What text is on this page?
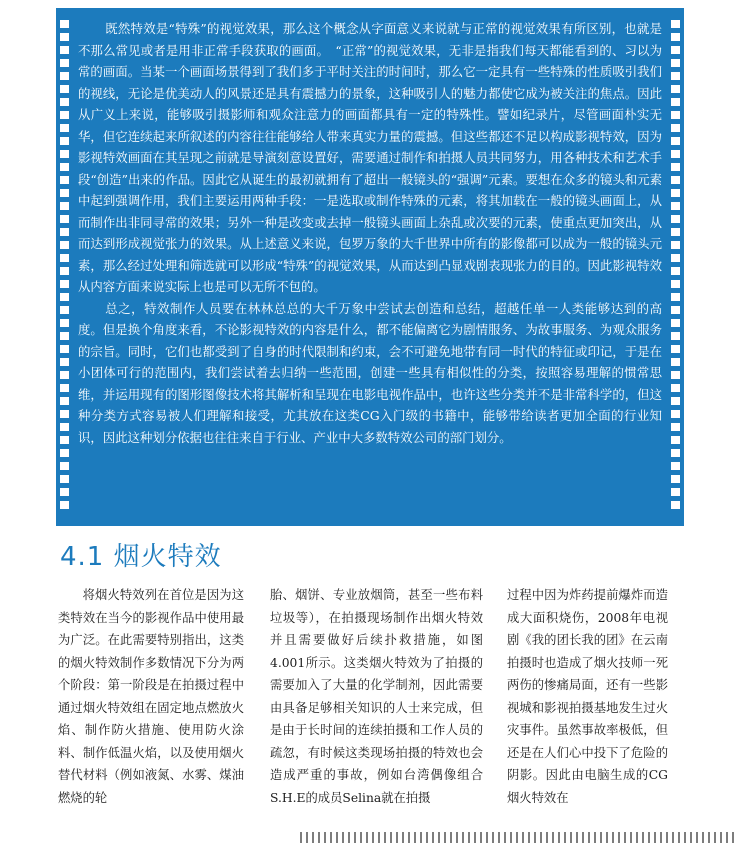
既然特效是“特殊”的视觉效果，那么这个概念从字面意义来说就与正常的视觉效果有所区别，也就是不那么常见或者是用非正常手段获取的画面。　“正常”的视觉效果，无非是指我们每天都能看到的、习以为常的画面。当某一个画面场景得到了我们多于平时关注的时间时，那么它一定具有一些特殊的性质吸引我们的视线，无论是优美动人的风景还是具有震撼力的景象，这种吸引人的魅力都使它成为被关注的焦点。因此从广义上来说，能够吸引摄影师和观众注意力的画面都具有一定的特殊性。譬如纪录片，尽管画面朴实无华，但它连续起来所叙述的内容往往能够给人带来真实力量的震撼。但这些都还不足以构成影视特效，因为影视特效画面在其呈现之前就是导演刻意设置好，需要通过制作和拍摄人员共同努力，用各种技术和艺术手段“创造”出来的作品。因此它从诞生的最初就拥有了超出一般镜头的“强调”元素。要想在众多的镜头和元素中起到强调作用，我们主要运用两种手段：一是选取或制作特殊的元素，将其加载在一般的镜头画面上，从而制作出非同寻常的效果；另外一种是改变或去掉一般镜头画面上杂乱或次要的元素，使重点更加突出，从而达到形成视觉张力的效果。从上述意义来说，包罗万象的大千世界中所有的影像都可以成为一般的镜头元素，那么经过处理和筛选就可以形成“特殊”的视觉效果，从而达到凸显戏剧表现张力的目的。因此影视特效从内容方面来说实际上也是可以无所不包的。

总之，特效制作人员要在林林总总的大千万象中尝试去创造和总结，超越任单一人类能够达到的高度。但是换个角度来看，不论影视特效的内容是什么，都不能偏离它为剧情服务、为故事服务、为观众服务的宗旨。同时，它们也都受到了自身的时代限制和约束，会不可避免地带有同一时代的特征或印记，于是在小团体可行的范围内，我们尝试着去归纳一些范围，创建一些具有相似性的分类，按照容易理解的惯常思维，并运用现有的图形图像技术将其解析和呈现在电影电视作品中，也许这些分类并不是非常科学的，但这种分类方式容易被人们理解和接受，尤其放在这类CG入门级的书籍中，能够带给读者更加全面的行业知识，因此这种划分依据也往往来自于行业、产业中大多数特效公司的部门划分。

4.1 烟火特效

将烟火特效列在首位是因为这类特效在当今的影视作品中使用最为广泛。在此需要特别指出，这类的烟火特效制作多数情况下分为两个阶段：第一阶段是在拍摄过程中通过烟火特效组在固定地点燃放火焰、制作防火措施、使用防火涂料、制作低温火焰，以及使用烟火替代材料（例如液氮、水雾、煤油燃烧的轮

胎、烟饼、专业放烟筒，甚至一些布料垃圾等），在拍摄现场制作出烟火特效并且需要做好后续扑救措施，如图4.001所示。这类烟火特效为了拍摄的需要加入了大量的化学制剂，因此需要由具备足够相关知识的人士来完成，但是由于长时间的连续拍摄和工作人员的疏忽，有时候这类现场拍摄的特效也会造成严重的事故，例如台湾偶像组合S.H.E的成员Selina就在拍摄

过程中因为炸药提前爆炸而造成大面积烧伤，2008年电视剧《我的团长我的团》在云南拍摄时也造成了烟火技师一死两伤的惨痛局面，还有一些影视城和影视拍摄基地发生过火灾事件。虽然事故率极低，但还是在人们心中投下了危险的阴影。因此由电脑生成的CG烟火特效在
